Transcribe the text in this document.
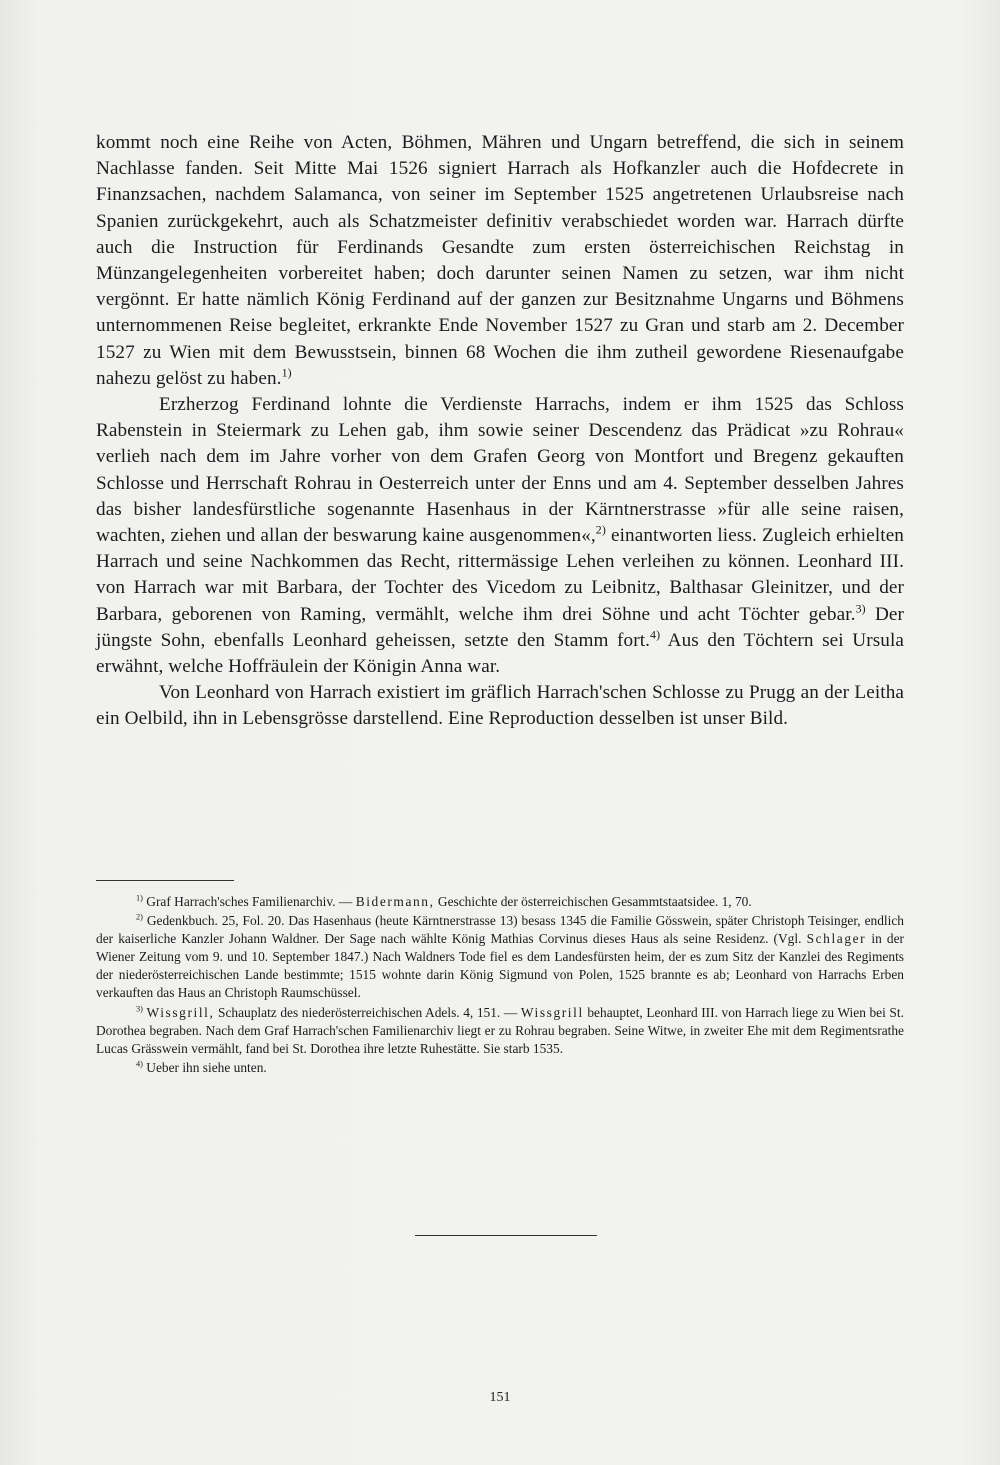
kommt noch eine Reihe von Acten, Böhmen, Mähren und Ungarn betreffend, die sich in seinem Nachlasse fanden. Seit Mitte Mai 1526 signiert Harrach als Hofkanzler auch die Hofdecrete in Finanzsachen, nachdem Salamanca, von seiner im September 1525 angetretenen Urlaubsreise nach Spanien zurückgekehrt, auch als Schatzmeister definitiv verabschiedet worden war. Harrach dürfte auch die Instruction für Ferdinands Gesandte zum ersten österreichischen Reichstag in Münzangelegenheiten vorbereitet haben; doch darunter seinen Namen zu setzen, war ihm nicht vergönnt. Er hatte nämlich König Ferdinand auf der ganzen zur Besitznahme Ungarns und Böhmens unternommenen Reise begleitet, erkrankte Ende November 1527 zu Gran und starb am 2. December 1527 zu Wien mit dem Bewusstsein, binnen 68 Wochen die ihm zutheil gewordene Riesenaufgabe nahezu gelöst zu haben.$^{1)}$

Erzherzog Ferdinand lohnte die Verdienste Harrachs, indem er ihm 1525 das Schloss Rabenstein in Steiermark zu Lehen gab, ihm sowie seiner Descendenz das Prädicat »zu Rohrau« verlieh nach dem im Jahre vorher von dem Grafen Georg von Montfort und Bregenz gekauften Schlosse und Herrschaft Rohrau in Oesterreich unter der Enns und am 4. September desselben Jahres das bisher landesfürstliche sogenannte Hasenhaus in der Kärntnerstrasse »für alle seine raisen, wachten, ziehen und allan der beswarung kaine ausgenommen«,$^{2)}$ einantworten liess. Zugleich erhielten Harrach und seine Nachkommen das Recht, rittermässige Lehen verleihen zu können. Leonhard III. von Harrach war mit Barbara, der Tochter des Vicedom zu Leibnitz, Balthasar Gleinitzer, und der Barbara, geborenen von Raming, vermählt, welche ihm drei Söhne und acht Töchter gebar.$^{3)}$ Der jüngste Sohn, ebenfalls Leonhard geheissen, setzte den Stamm fort.$^{4)}$ Aus den Töchtern sei Ursula erwähnt, welche Hoffräulein der Königin Anna war.

Von Leonhard von Harrach existiert im gräflich Harrach'schen Schlosse zu Prugg an der Leitha ein Oelbild, ihn in Lebensgrösse darstellend. Eine Reproduction desselben ist unser Bild.

$^{1)}$ Graf Harrach'sches Familienarchiv. — Bidermann, Geschichte der österreichischen Gesammtstaatsidee. 1, 70.

$^{2)}$ Gedenkbuch. 25, Fol. 20. Das Hasenhaus (heute Kärntnerstrasse 13) besass 1345 die Familie Gösswein, später Christoph Teisinger, endlich der kaiserliche Kanzler Johann Waldner. Der Sage nach wählte König Mathias Corvinus dieses Haus als seine Residenz. (Vgl. Schlager in der Wiener Zeitung vom 9. und 10. September 1847.) Nach Waldners Tode fiel es dem Landesfürsten heim, der es zum Sitz der Kanzlei des Regiments der niederösterreichischen Lande bestimmte; 1515 wohnte darin König Sigmund von Polen, 1525 brannte es ab; Leonhard von Harrachs Erben verkauften das Haus an Christoph Raumschüssel.

$^{3)}$ Wissgrill, Schauplatz des niederösterreichischen Adels. 4, 151. — Wissgrill behauptet, Leonhard III. von Harrach liege zu Wien bei St. Dorothea begraben. Nach dem Graf Harrach'schen Familienarchiv liegt er zu Rohrau begraben. Seine Witwe, in zweiter Ehe mit dem Regimentsrathe Lucas Grässwein vermählt, fand bei St. Dorothea ihre letzte Ruhestätte. Sie starb 1535.

$^{4)}$ Ueber ihn siehe unten.

151
